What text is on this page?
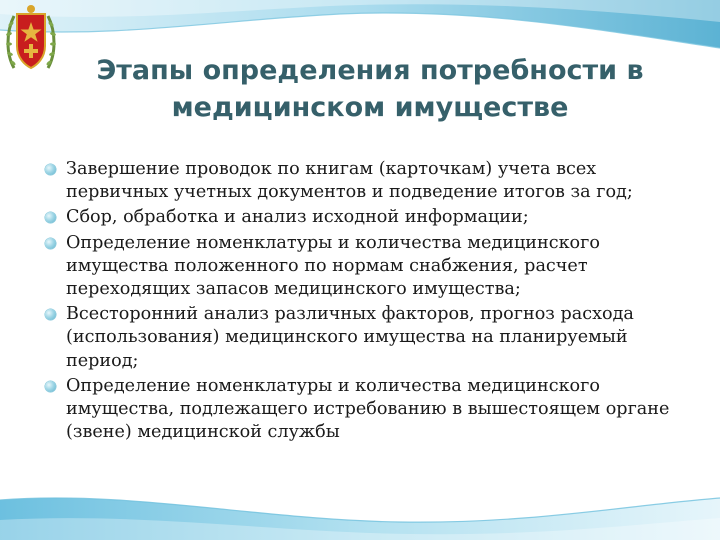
Этапы определения потребности в
медицинском имуществе
Завершение проводок по книгам (карточкам) учета всех первичных учетных документов и подведение итогов за год;
Сбор, обработка и анализ исходной информации;
Определение номенклатуры и количества медицинского имущества положенного по нормам снабжения, расчет переходящих запасов медицинского имущества;
Всесторонний анализ различных факторов, прогноз расхода (использования) медицинского имущества на планируемый период;
Определение номенклатуры и количества медицинского имущества, подлежащего истребованию в вышестоящем органе (звене) медицинской службы
